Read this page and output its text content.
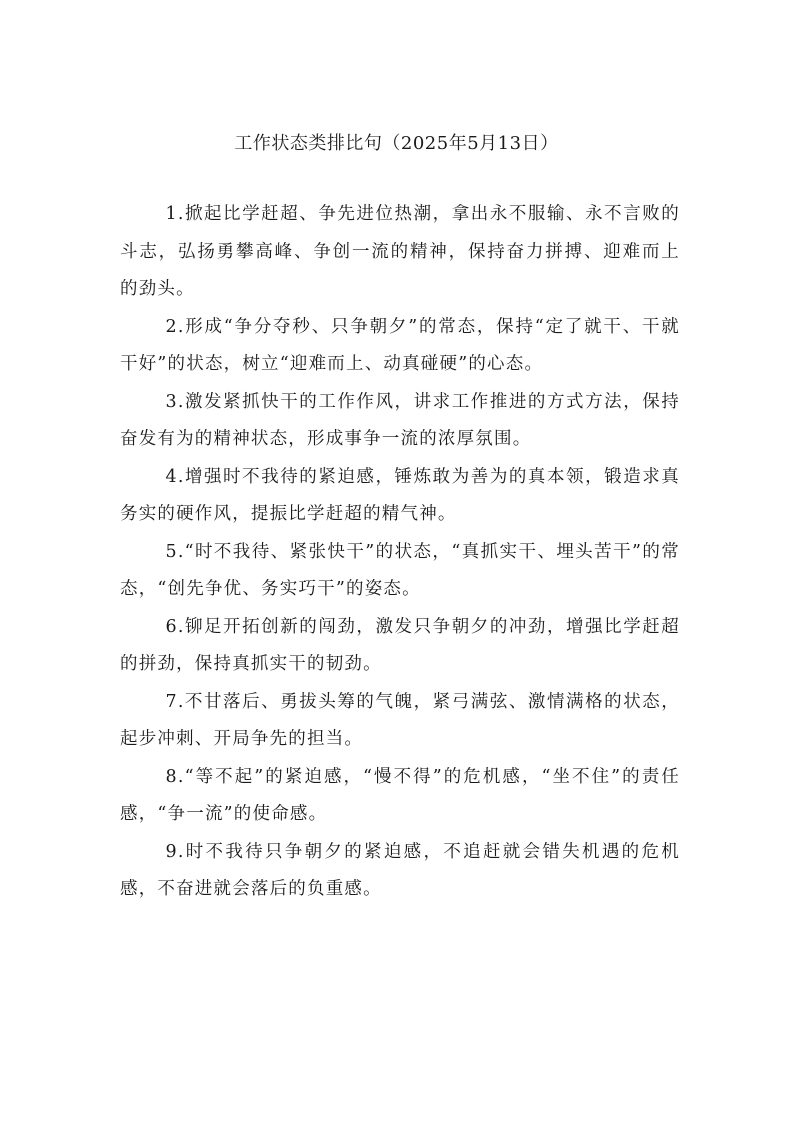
工作状态类排比句（2025年5月13日）

1.掀起比学赶超、争先进位热潮，拿出永不服输、永不言败的斗志，弘扬勇攀高峰、争创一流的精神，保持奋力拼搏、迎难而上的劲头。

2.形成“争分夺秒、只争朝夕”的常态，保持“定了就干、干就干好”的状态，树立“迎难而上、动真碰硬”的心态。

3.激发紧抓快干的工作作风，讲求工作推进的方式方法，保持奋发有为的精神状态，形成事争一流的浓厚氛围。

4.增强时不我待的紧迫感，锤炼敢为善为的真本领，锻造求真务实的硬作风，提振比学赶超的精气神。

5.“时不我待、紧张快干”的状态，“真抓实干、埋头苦干”的常态，“创先争优、务实巧干”的姿态。

6.铆足开拓创新的闯劲，激发只争朝夕的冲劲，增强比学赶超的拼劲，保持真抓实干的韧劲。

7.不甘落后、勇拔头筹的气魄，紧弓满弦、激情满格的状态，起步冲刺、开局争先的担当。

8.“等不起”的紧迫感，“慢不得”的危机感，“坐不住”的责任感，“争一流”的使命感。

9.时不我待只争朝夕的紧迫感，不追赶就会错失机遇的危机感，不奋进就会落后的负重感。
